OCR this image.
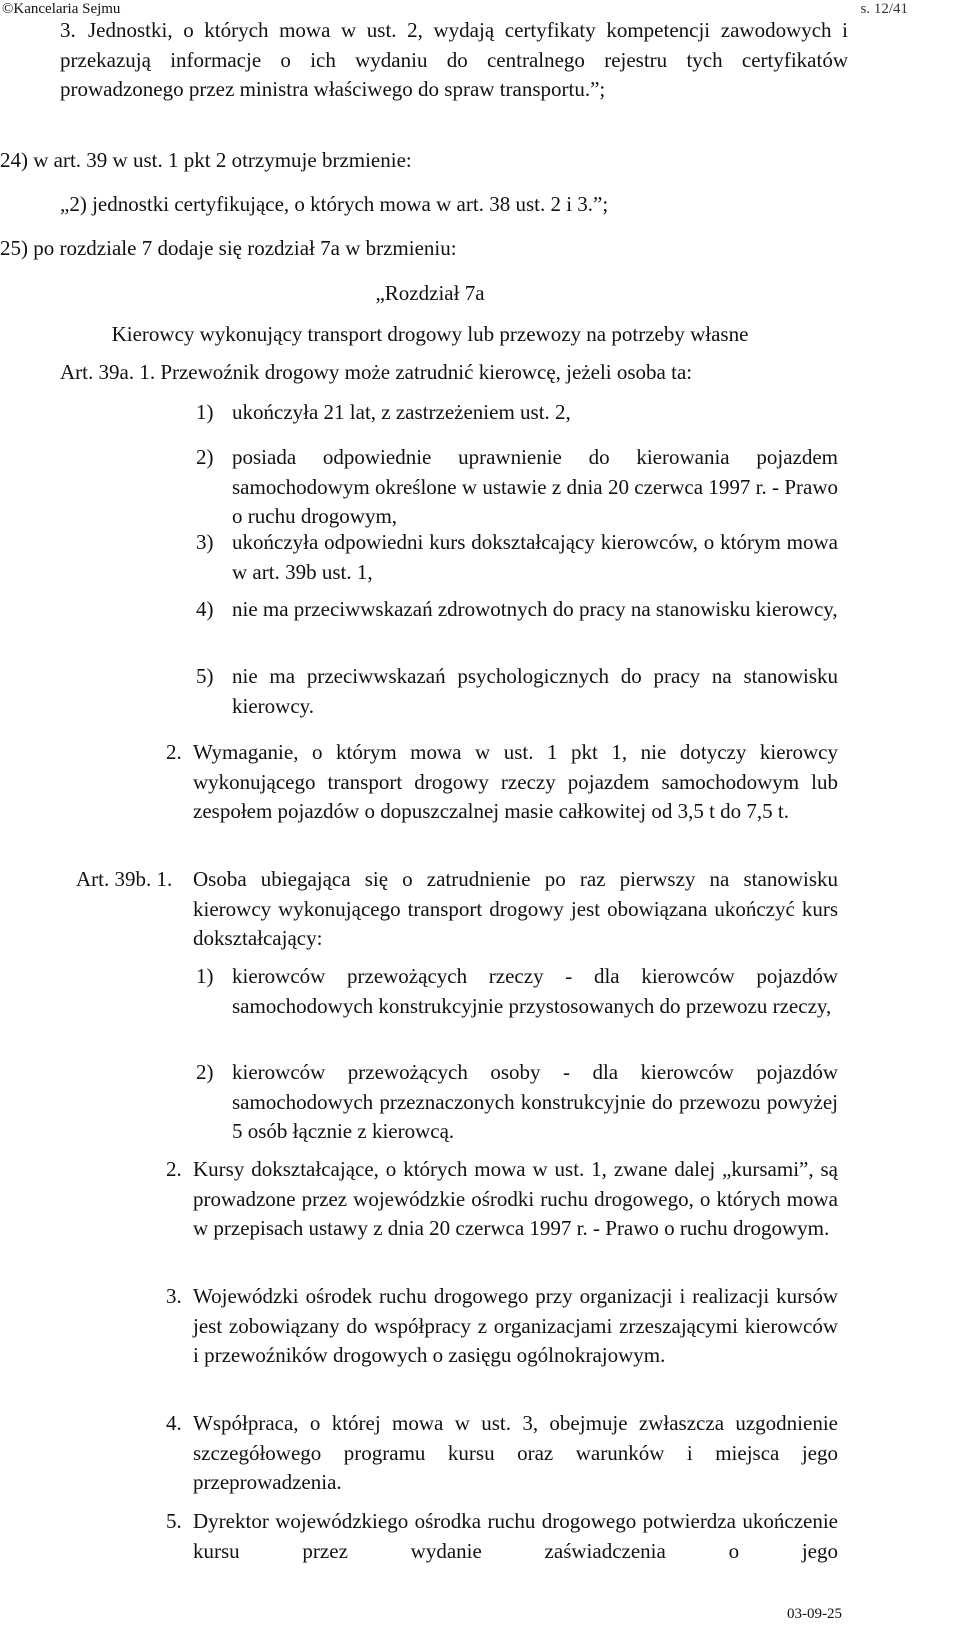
©Kancelaria Sejmu	s. 12/41
3. Jednostki, o których mowa w ust. 2, wydają certyfikaty kompetencji zawodowych i przekazują informacje o ich wydaniu do centralnego rejestru tych certyfikatów prowadzonego przez ministra właściwego do spraw transportu.”;
24) w art. 39 w ust. 1 pkt 2 otrzymuje brzmienie:
„2) jednostki certyfikujące, o których mowa w art. 38 ust. 2 i 3.”;
25) po rozdziale 7 dodaje się rozdział 7a w brzmieniu:
„Rozdział 7a
Kierowcy wykonujący transport drogowy lub przewozy na potrzeby własne
Art. 39a. 1. Przewoźnik drogowy może zatrudnić kierowcę, jeżeli osoba ta:
1) ukończyła 21 lat, z zastrzeżeniem ust. 2,
2) posiada odpowiednie uprawnienie do kierowania pojazdem samochodowym określone w ustawie z dnia 20 czerwca 1997 r. - Prawo o ruchu drogowym,
3) ukończyła odpowiedni kurs dokształcający kierowców, o którym mowa w art. 39b ust. 1,
4) nie ma przeciwwskazań zdrowotnych do pracy na stanowisku kierowcy,
5) nie ma przeciwwskazań psychologicznych do pracy na stanowisku kierowcy.
2. Wymaganie, o którym mowa w ust. 1 pkt 1, nie dotyczy kierowcy wykonującego transport drogowy rzeczy pojazdem samochodowym lub zespołem pojazdów o dopuszczalnej masie całkowitej od 3,5 t do 7,5 t.
Art. 39b. 1. Osoba ubiegająca się o zatrudnienie po raz pierwszy na stanowisku kierowcy wykonującego transport drogowy jest obowiązana ukończyć kurs dokształcający:
1) kierowców przewożących rzeczy - dla kierowców pojazdów samochodowych konstrukcyjnie przystosowanych do przewozu rzeczy,
2) kierowców przewożących osoby - dla kierowców pojazdów samochodowych przeznaczonych konstrukcyjnie do przewozu powyżej 5 osób łącznie z kierowcą.
2. Kursy dokształcające, o których mowa w ust. 1, zwane dalej „kursami”, są prowadzone przez wojewódzkie ośrodki ruchu drogowego, o których mowa w przepisach ustawy z dnia 20 czerwca 1997 r. - Prawo o ruchu drogowym.
3. Wojewódzki ośrodek ruchu drogowego przy organizacji i realizacji kursów jest zobowiązany do współpracy z organizacjami zrzeszającymi kierowców i przewoźników drogowych o zasięgu ogólnokrajowym.
4. Współpraca, o której mowa w ust. 3, obejmuje zwłaszcza uzgodnienie szczegółowego programu kursu oraz warunków i miejsca jego przeprowadzenia.
5. Dyrektor wojewódzkiego ośrodka ruchu drogowego potwierdza ukończenie kursu przez wydanie zaświadczenia o jego
03-09-25
